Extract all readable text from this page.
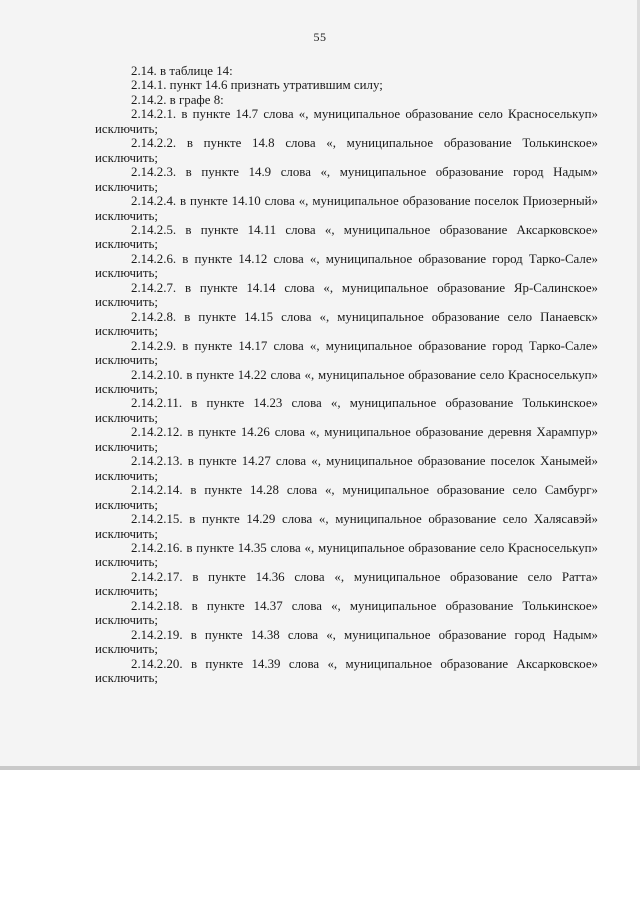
55

2.14. в таблице 14:

2.14.1. пункт 14.6 признать утратившим силу;

2.14.2. в графе 8:

2.14.2.1. в пункте 14.7 слова «, муниципальное образование село Красноселькуп» исключить;

2.14.2.2. в пункте 14.8 слова «, муниципальное образование Толькинское» исключить;

2.14.2.3. в пункте 14.9 слова «, муниципальное образование город Надым» исключить;

2.14.2.4. в пункте 14.10 слова «, муниципальное образование поселок Приозерный» исключить;

2.14.2.5. в пункте 14.11 слова «, муниципальное образование Аксарковское» исключить;

2.14.2.6. в пункте 14.12 слова «, муниципальное образование город Тарко-Сале» исключить;

2.14.2.7. в пункте 14.14 слова «, муниципальное образование Яр-Салинское» исключить;

2.14.2.8. в пункте 14.15 слова «, муниципальное образование село Панаевск» исключить;

2.14.2.9. в пункте 14.17 слова «, муниципальное образование город Тарко-Сале» исключить;

2.14.2.10. в пункте 14.22 слова «, муниципальное образование село Красноселькуп» исключить;

2.14.2.11. в пункте 14.23 слова «, муниципальное образование Толькинское» исключить;

2.14.2.12. в пункте 14.26 слова «, муниципальное образование деревня Харампур» исключить;

2.14.2.13. в пункте 14.27 слова «, муниципальное образование поселок Ханымей» исключить;

2.14.2.14. в пункте 14.28 слова «, муниципальное образование село Самбург» исключить;

2.14.2.15. в пункте 14.29 слова «, муниципальное образование село Халясавэй» исключить;

2.14.2.16. в пункте 14.35 слова «, муниципальное образование село Красноселькуп» исключить;

2.14.2.17. в пункте 14.36 слова «, муниципальное образование село Ратта» исключить;

2.14.2.18. в пункте 14.37 слова «, муниципальное образование Толькинское» исключить;

2.14.2.19. в пункте 14.38 слова «, муниципальное образование город Надым» исключить;

2.14.2.20. в пункте 14.39 слова «, муниципальное образование Аксарковское» исключить;
